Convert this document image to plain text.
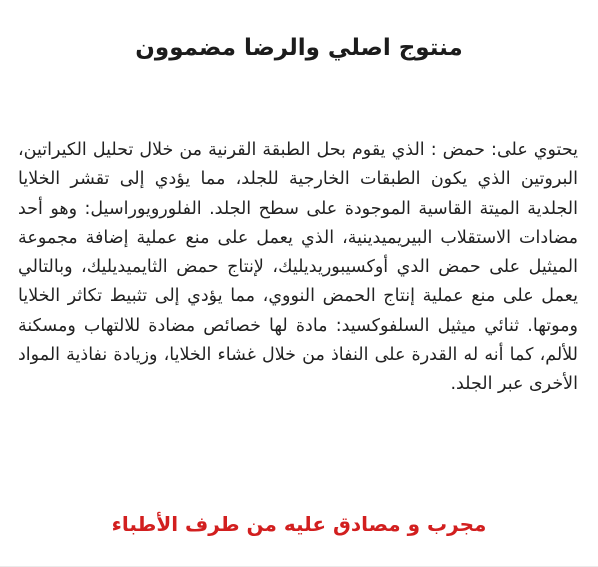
منتوج اصلي والرضا مضموون

يحتوي على: حمض : الذي يقوم بحل الطبقة القرنية من خلال تحليل الكيراتين، البروتين الذي يكون الطبقات الخارجية للجلد، مما يؤدي إلى تقشر الخلايا الجلدية الميتة القاسية الموجودة على سطح الجلد. الفلورويوراسيل: وهو أحد مضادات الاستقلاب البيريميدينية، الذي يعمل على منع عملية إضافة مجموعة الميثيل على حمض الدي أوكسيبوريديليك، لإنتاج حمض الثايميديليك، وبالتالي يعمل على منع عملية إنتاج الحمض النووي، مما يؤدي إلى تثبيط تكاثر الخلايا وموتها. ثنائي ميثيل السلفوكسيد: مادة لها خصائص مضادة للالتهاب ومسكنة للألم، كما أنه له القدرة على النفاذ من خلال غشاء الخلايا، وزيادة نفاذية المواد الأخرى عبر الجلد.

مجرب و مصادق عليه من طرف الأطباء
